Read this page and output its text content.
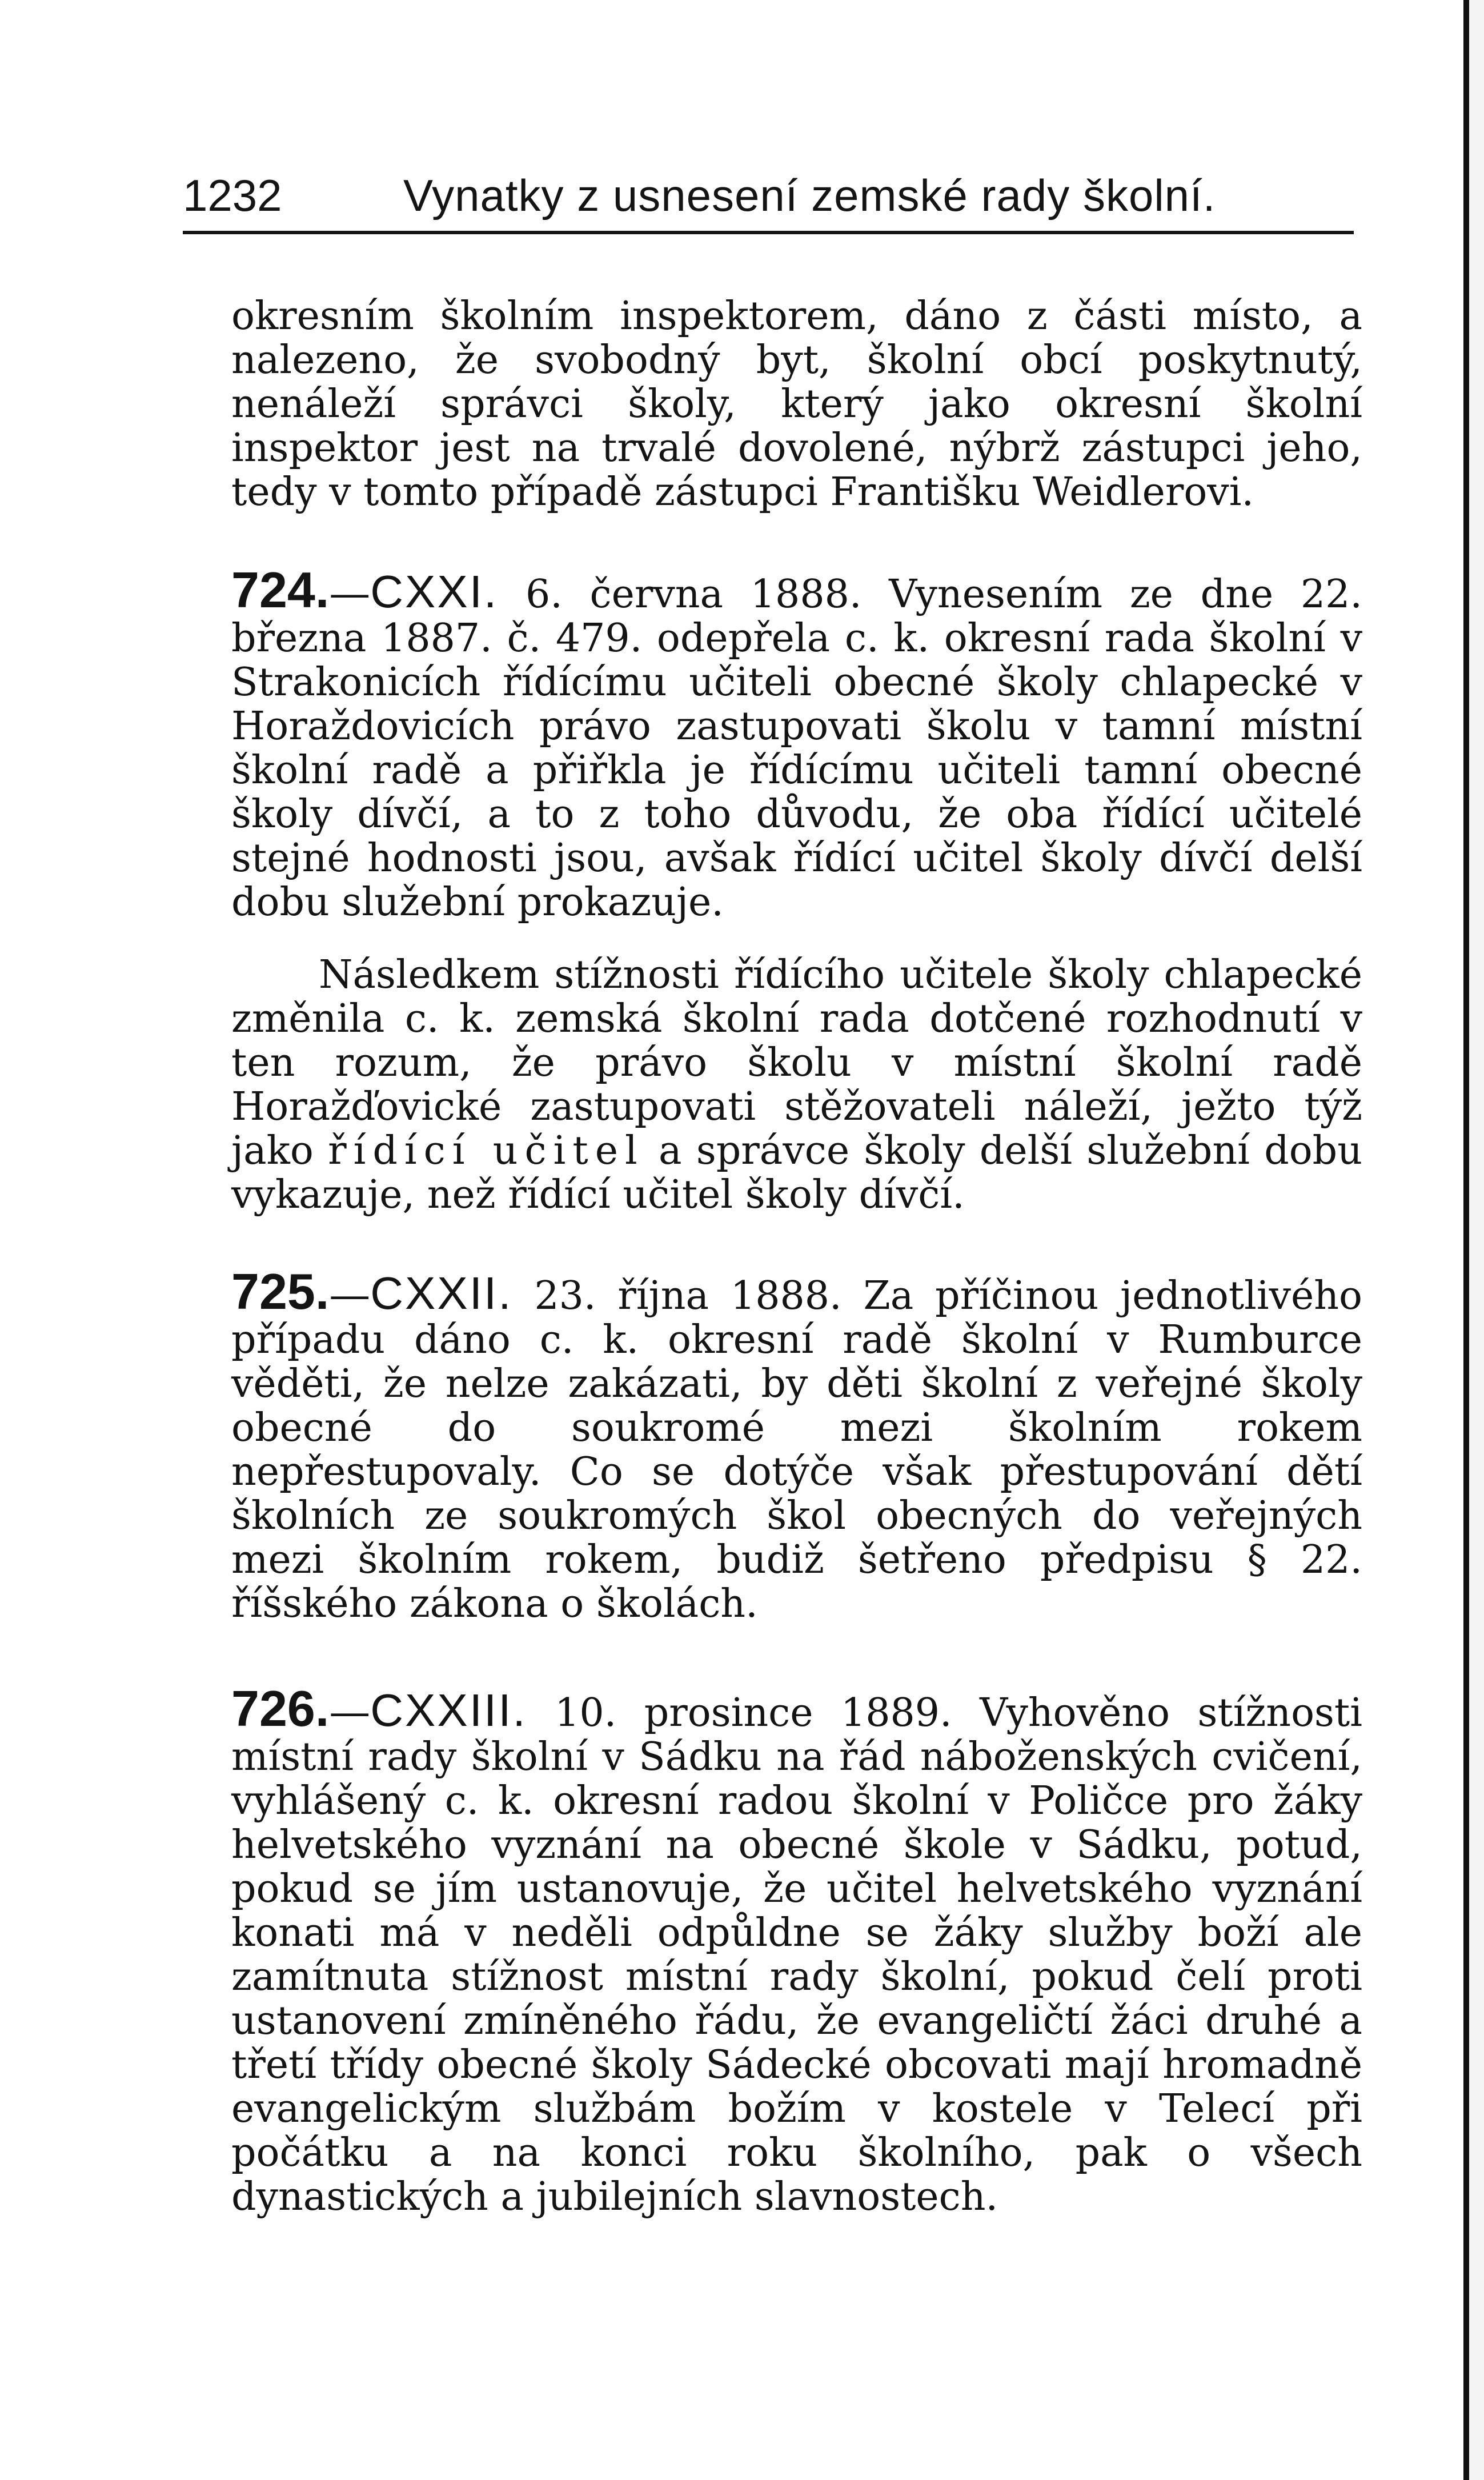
1232	Vynatky z usnesení zemské rady školní.

okresním školním inspektorem, dáno z části místo, a nalezeno, že svobodný byt, školní obcí poskytnutý, nenáleží správci školy, který jako okresní školní inspektor jest na trvalé dovolené, nýbrž zástupci jeho, tedy v tomto případě zástupci Františku Weidlerovi.

724.—CXXI. 6. června 1888. Vynesením ze dne 22. března 1887. č. 479. odepřela c. k. okresní rada školní v Strakonicích řídícímu učiteli obecné školy chlapecké v Horaždovicích právo zastupovati školu v tamní místní školní radě a přiřkla je řídícímu učiteli tamní obecné školy dívčí, a to z toho důvodu, že oba řídící učitelé stejné hodnosti jsou, avšak řídící učitel školy dívčí delší dobu služební prokazuje.

Následkem stížnosti řídícího učitele školy chlapecké změnila c. k. zemská školní rada dotčené rozhodnutí v ten rozum, že právo školu v místní školní radě Horažďovické zastupovati stěžovateli náleží, ježto týž jako řídící učitel a správce školy delší služební dobu vykazuje, než řídící učitel školy dívčí.

725.—CXXII. 23. října 1888. Za příčinou jednotlivého případu dáno c. k. okresní radě školní v Rumburce věděti, že nelze zakázati, by děti školní z veřejné školy obecné do soukromé mezi školním rokem nepřestupovaly. Co se dotýče však přestupování dětí školních ze soukromých škol obecných do veřejných mezi školním rokem, budiž šetřeno předpisu § 22. říšského zákona o školách.

726.—CXXIII. 10. prosince 1889. Vyhověno stížnosti místní rady školní v Sádku na řád náboženských cvičení, vyhlášený c. k. okresní radou školní v Poličce pro žáky helvetského vyznání na obecné škole v Sádku, potud, pokud se jím ustanovuje, že učitel helvetského vyznání konati má v neděli odpůldne se žáky služby boží ale zamítnuta stížnost místní rady školní, pokud čelí proti ustanovení zmíněného řádu, že evangeličtí žáci druhé a třetí třídy obecné školy Sádecké obcovati mají hromadně evangelickým službám božím v kostele v Telecí při počátku a na konci roku školního, pak o všech dynastických a jubilejních slavnostech.
